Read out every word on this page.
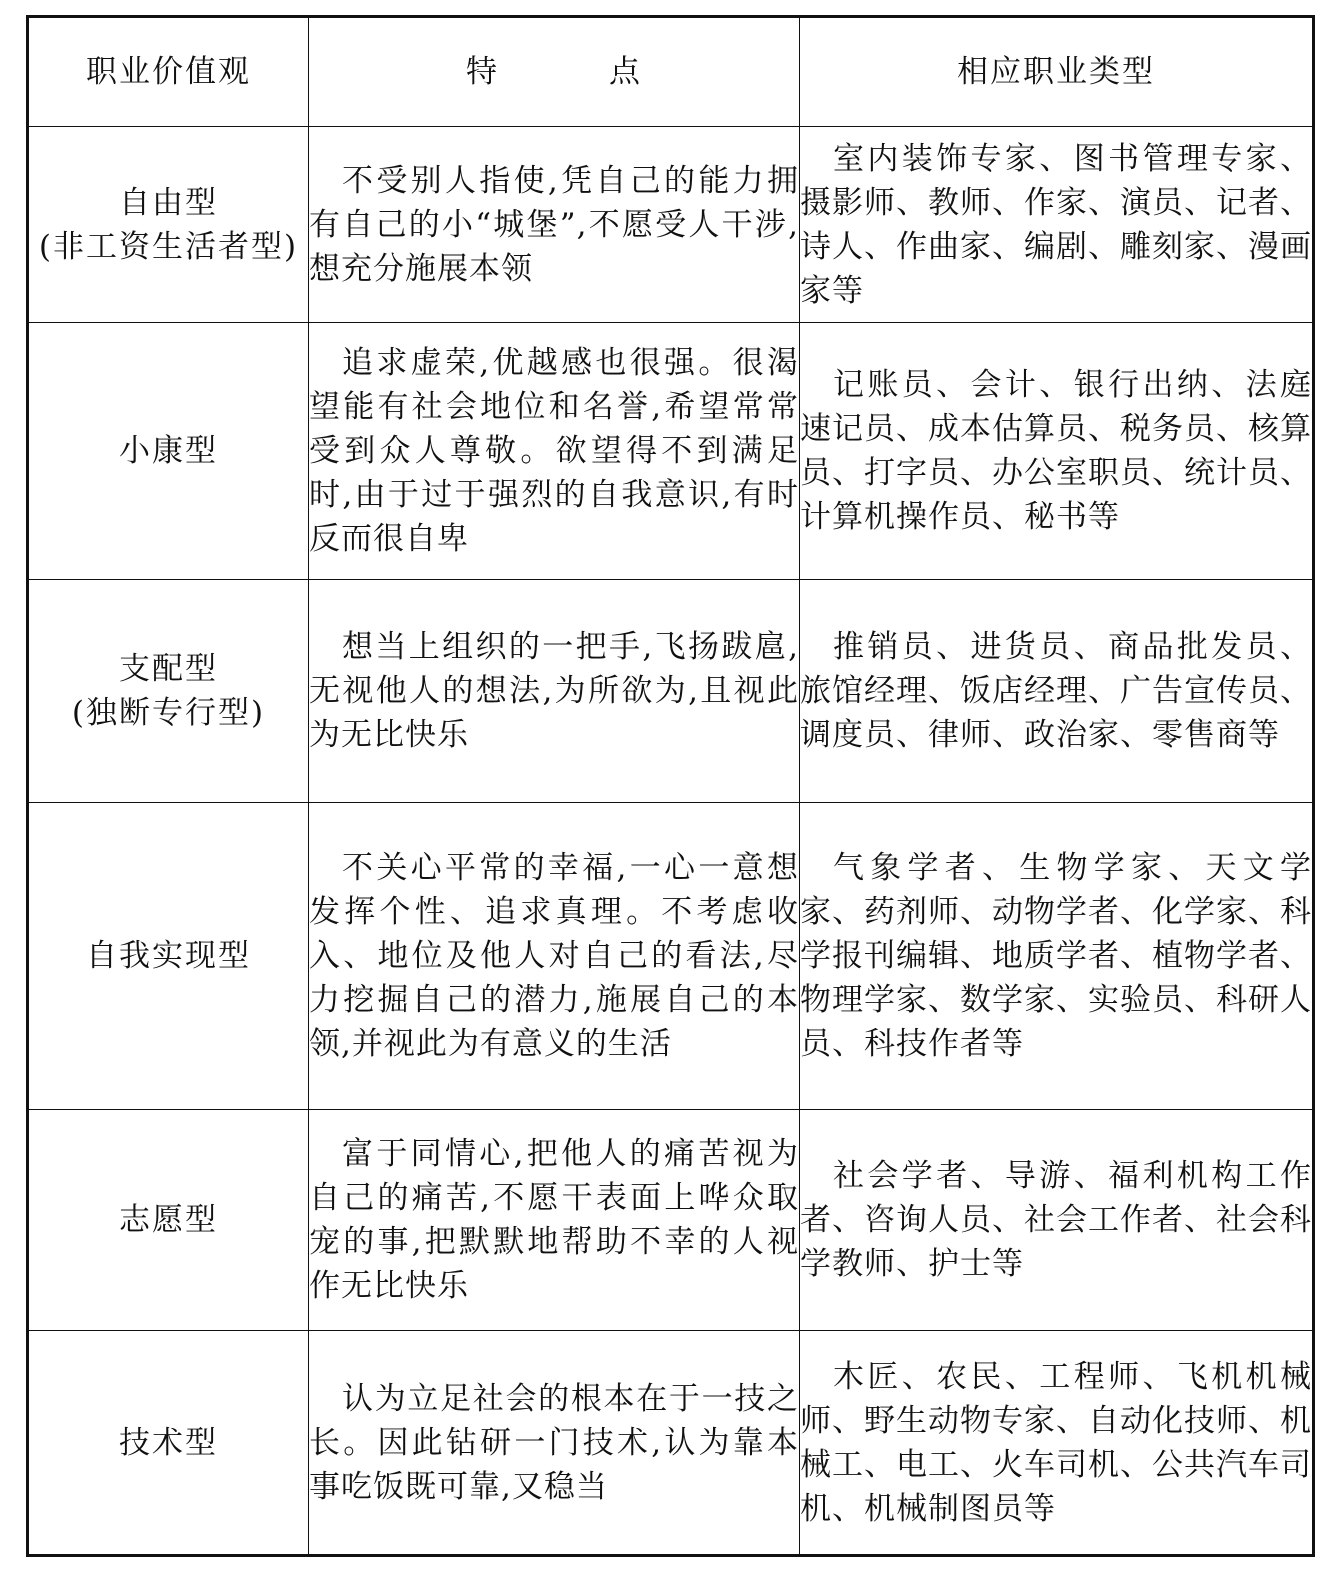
职业价值观	特 点	相应职业类型

自由型
(非工资生活者型)	不受别人指使,凭自己的能力拥有自己的小“城堡”,不愿受人干涉,想充分施展本领	室内装饰专家、图书管理专家、摄影师、教师、作家、演员、记者、诗人、作曲家、编剧、雕刻家、漫画家等

小康型	追求虚荣,优越感也很强。很渴望能有社会地位和名誉,希望常常受到众人尊敬。欲望得不到满足时,由于过于强烈的自我意识,有时反而很自卑	记账员、会计、银行出纳、法庭速记员、成本估算员、税务员、核算员、打字员、办公室职员、统计员、计算机操作员、秘书等

支配型
(独断专行型)	想当上组织的一把手,飞扬跋扈,无视他人的想法,为所欲为,且视此为无比快乐	推销员、进货员、商品批发员、旅馆经理、饭店经理、广告宣传员、调度员、律师、政治家、零售商等

自我实现型	不关心平常的幸福,一心一意想发挥个性、追求真理。不考虑收入、地位及他人对自己的看法,尽力挖掘自己的潜力,施展自己的本领,并视此为有意义的生活	气象学者、生物学家、天文学家、药剂师、动物学者、化学家、科学报刊编辑、地质学者、植物学者、物理学家、数学家、实验员、科研人员、科技作者等

志愿型	富于同情心,把他人的痛苦视为自己的痛苦,不愿干表面上哗众取宠的事,把默默地帮助不幸的人视作无比快乐	社会学者、导游、福利机构工作者、咨询人员、社会工作者、社会科学教师、护士等

技术型	认为立足社会的根本在于一技之长。因此钻研一门技术,认为靠本事吃饭既可靠,又稳当	木匠、农民、工程师、飞机机械师、野生动物专家、自动化技师、机械工、电工、火车司机、公共汽车司机、机械制图员等
